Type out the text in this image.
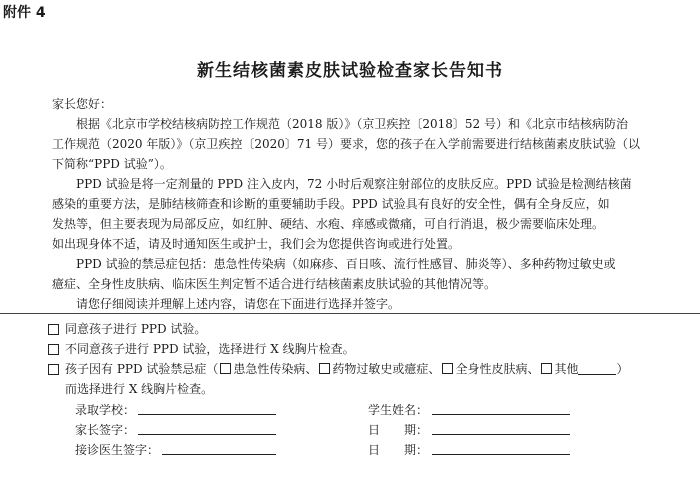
附件 4
新生结核菌素皮肤试验检查家长告知书

家长您好：

根据《北京市学校结核病防控工作规范（2018 版）》（京卫疾控〔2018〕52 号）和《北京市结核病防治

工作规范（2020 年版）》（京卫疾控〔2020〕71 号）要求，您的孩子在入学前需要进行结核菌素皮肤试验（以

下简称“PPD 试验”）。

PPD 试验是将一定剂量的 PPD 注入皮内，72 小时后观察注射部位的皮肤反应。PPD 试验是检测结核菌

感染的重要方法，是肺结核筛查和诊断的重要辅助手段。PPD 试验具有良好的安全性，偶有全身反应，如

发热等，但主要表现为局部反应，如红肿、硬结、水疱、痒感或微痛，可自行消退，极少需要临床处理。

如出现身体不适，请及时通知医生或护士，我们会为您提供咨询或进行处置。

PPD 试验的禁忌症包括：患急性传染病（如麻疹、百日咳、流行性感冒、肺炎等）、多种药物过敏史或

癔症、全身性皮肤病、临床医生判定暂不适合进行结核菌素皮肤试验的其他情况等。

请您仔细阅读并理解上述内容，请您在下面进行选择并签字。

同意孩子进行 PPD 试验。
不同意孩子进行 PPD 试验，选择进行 X 线胸片检查。
孩子因有 PPD 试验禁忌症（ 患急性传染病、 药物过敏史或癔症、 全身性皮肤病、 其他	）
而选择进行 X 线胸片检查。
录取学校：	学生姓名：
家长签字：	日　　期：
接诊医生签字：	日　　期：
